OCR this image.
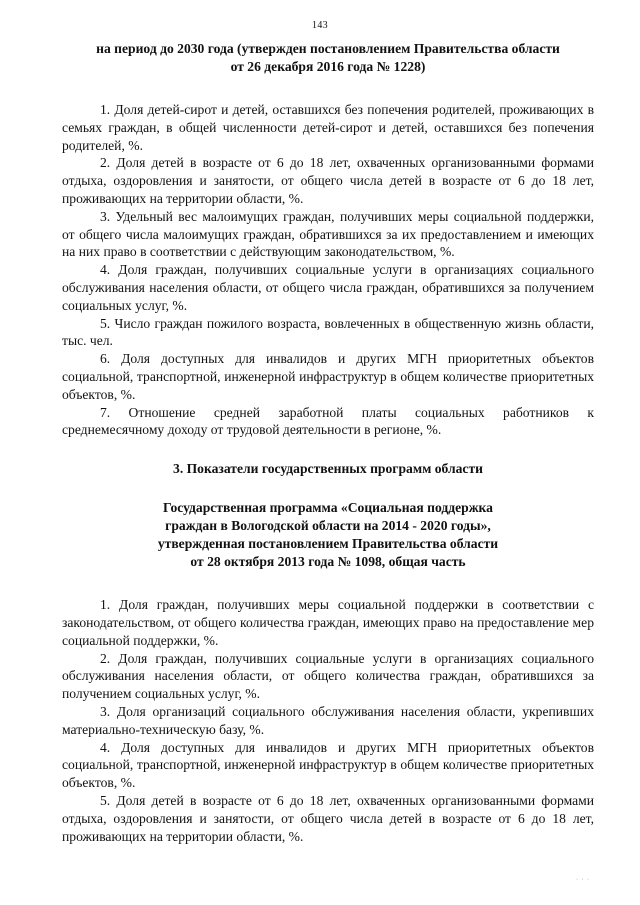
143

на период до 2030 года (утвержден постановлением Правительства области
от 26 декабря 2016 года № 1228)

1. Доля детей-сирот и детей, оставшихся без попечения родителей, проживающих в семьях граждан, в общей численности детей-сирот и детей, оставшихся без попечения родителей, %.

2. Доля детей в возрасте от 6 до 18 лет, охваченных организованными формами отдыха, оздоровления и занятости, от общего числа детей в возрасте от 6 до 18 лет, проживающих на территории области, %.

3. Удельный вес малоимущих граждан, получивших меры социальной поддержки, от общего числа малоимущих граждан, обратившихся за их предоставлением и имеющих на них право в соответствии с действующим законодательством, %.

4. Доля граждан, получивших социальные услуги в организациях социального обслуживания населения области, от общего числа граждан, обратившихся за получением социальных услуг, %.

5. Число граждан пожилого возраста, вовлеченных в общественную жизнь области, тыс. чел.

6. Доля доступных для инвалидов и других МГН приоритетных объектов социальной, транспортной, инженерной инфраструктур в общем количестве приоритетных объектов, %.

7. Отношение средней заработной платы социальных работников к среднемесячному доходу от трудовой деятельности в регионе, %.

3. Показатели государственных программ области

Государственная программа «Социальная поддержка
граждан в Вологодской области на 2014 - 2020 годы»,
утвержденная постановлением Правительства области
от 28 октября 2013 года № 1098, общая часть

1. Доля граждан, получивших меры социальной поддержки в соответствии с законодательством, от общего количества граждан, имеющих право на предоставление мер социальной поддержки, %.

2. Доля граждан, получивших социальные услуги в организациях социального обслуживания населения области, от общего количества граждан, обратившихся за получением социальных услуг, %.

3. Доля организаций социального обслуживания населения области, укрепивших материально-техническую базу, %.

4. Доля доступных для инвалидов и других МГН приоритетных объектов социальной, транспортной, инженерной инфраструктур в общем количестве приоритетных объектов, %.

5. Доля детей в возрасте от 6 до 18 лет, охваченных организованными формами отдыха, оздоровления и занятости, от общего числа детей в возрасте от 6 до 18 лет, проживающих на территории области, %.

· · ·
